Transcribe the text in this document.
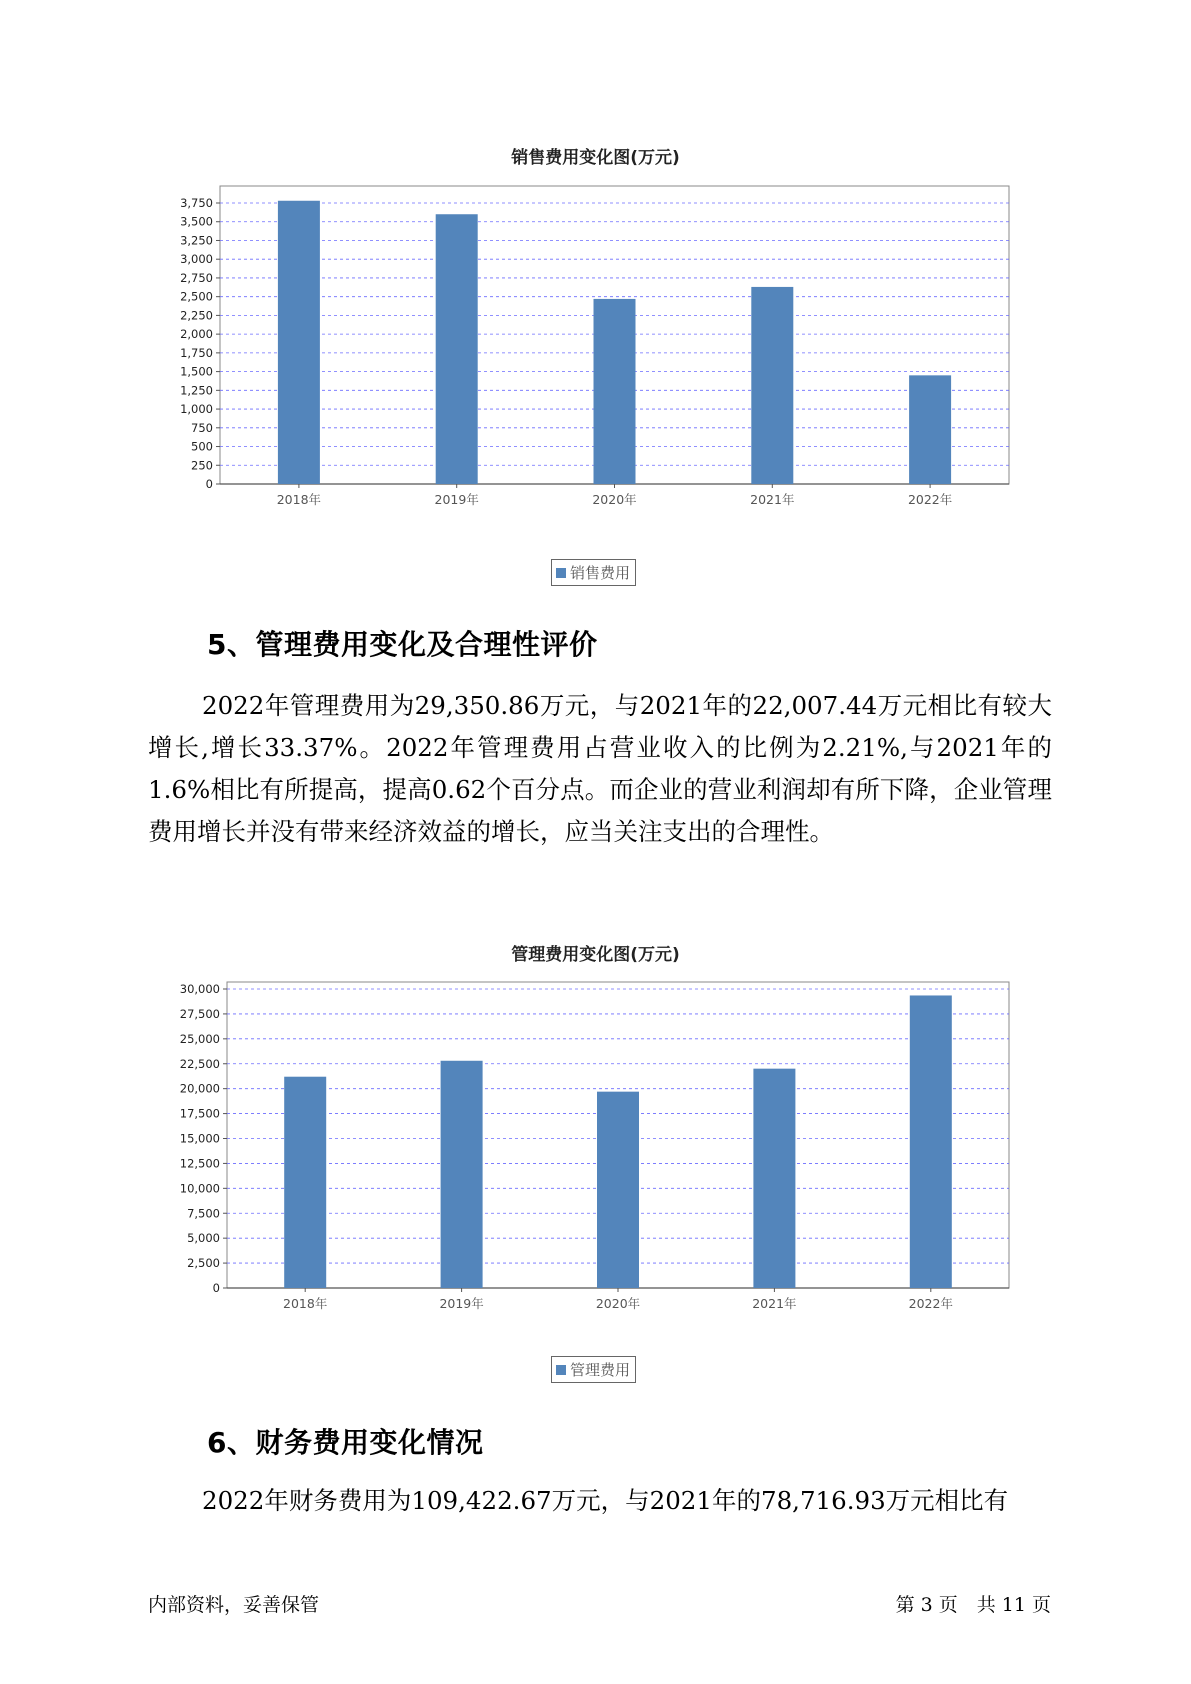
销售费用变化图(万元)
0
250
500
750
1,000
1,250
1,500
1,750
2,000
2,250
2,500
2,750
3,000
3,250
3,500
3,750
2018年	2019年	2020年	2021年	2022年
销售费用
5、管理费用变化及合理性评价

2022年管理费用为29,350.86万元，与2021年的22,007.44万元相比有较大增长,增长33.37%。2022年管理费用占营业收入的比例为2.21%,与2021年的1.6%相比有所提高，提高0.62个百分点。而企业的营业利润却有所下降，企业管理费用增长并没有带来经济效益的增长，应当关注支出的合理性。

管理费用变化图(万元)
0
2,500
5,000
7,500
10,000
12,500
15,000
17,500
20,000
22,500
25,000
27,500
30,000
2018年	2019年	2020年	2021年	2022年
管理费用
6、财务费用变化情况

2022年财务费用为109,422.67万元，与2021年的78,716.93万元相比有

内部资料，妥善保管	第 3 页　共 11 页
